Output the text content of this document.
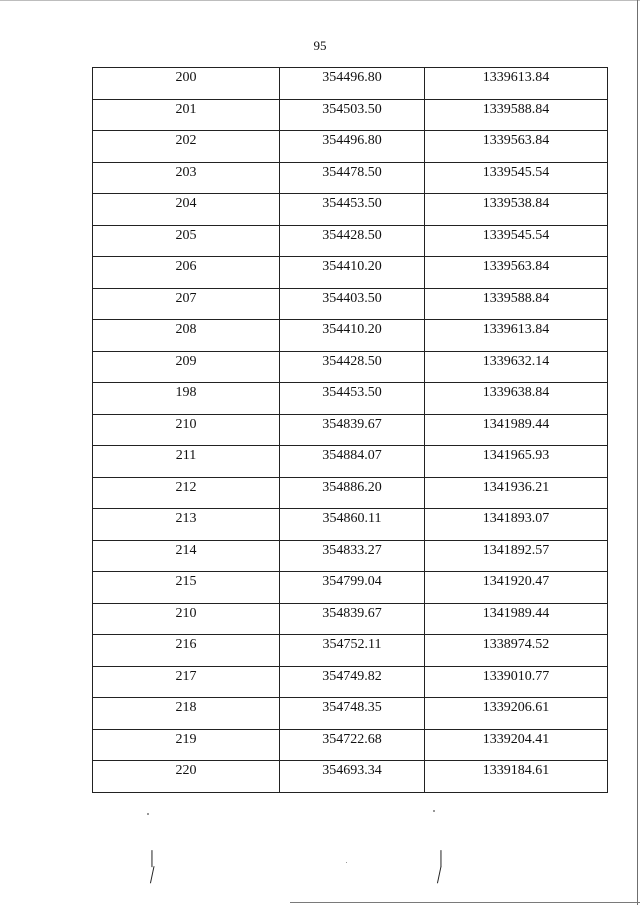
95
200	354496.80	1339613.84
201	354503.50	1339588.84
202	354496.80	1339563.84
203	354478.50	1339545.54
204	354453.50	1339538.84
205	354428.50	1339545.54
206	354410.20	1339563.84
207	354403.50	1339588.84
208	354410.20	1339613.84
209	354428.50	1339632.14
198	354453.50	1339638.84
210	354839.67	1341989.44
211	354884.07	1341965.93
212	354886.20	1341936.21
213	354860.11	1341893.07
214	354833.27	1341892.57
215	354799.04	1341920.47
210	354839.67	1341989.44
216	354752.11	1338974.52
217	354749.82	1339010.77
218	354748.35	1339206.61
219	354722.68	1339204.41
220	354693.34	1339184.61
│
│
│
│
